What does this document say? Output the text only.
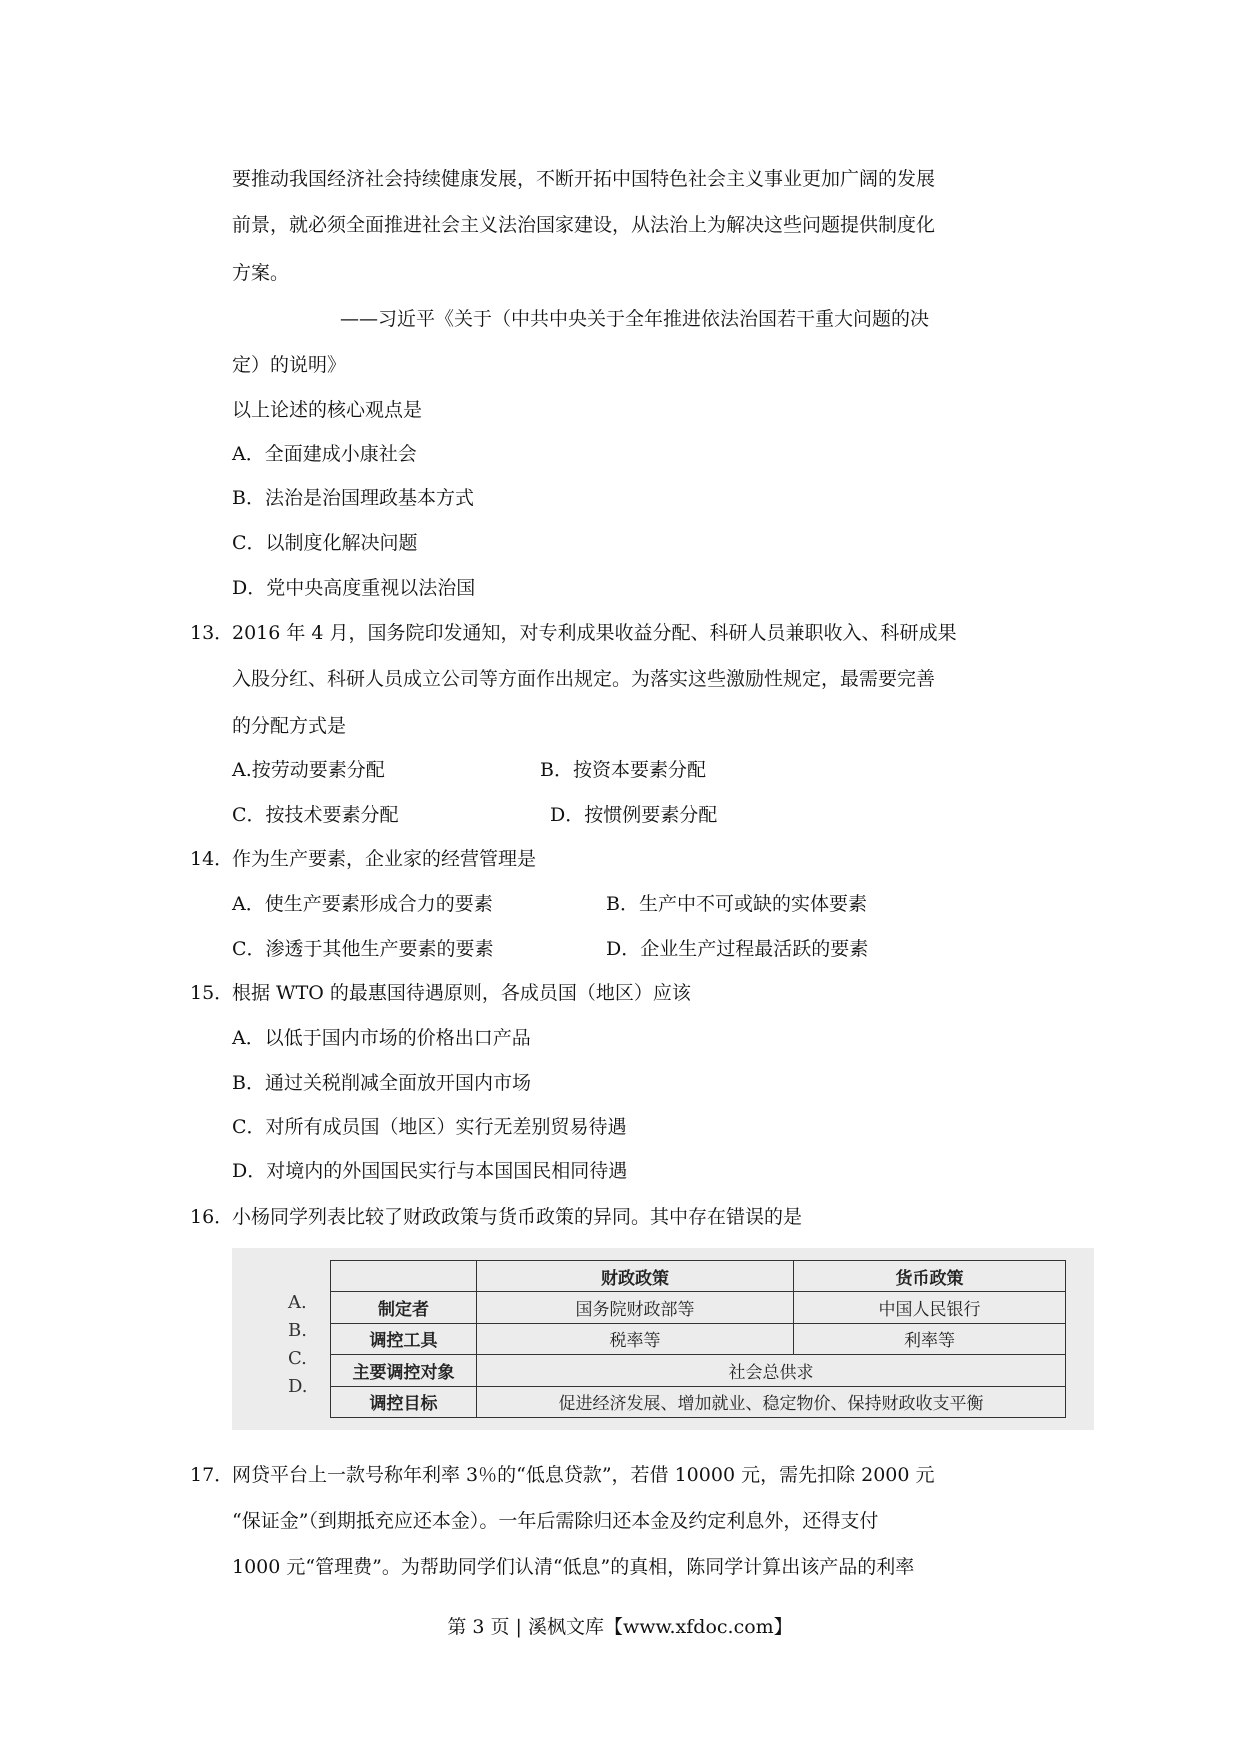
要推动我国经济社会持续健康发展，不断开拓中国特色社会主义事业更加广阔的发展
前景，就必须全面推进社会主义法治国家建设，从法治上为解决这些问题提供制度化
方案。
——习近平《关于（中共中央关于全年推进依法治国若干重大问题的决
定）的说明》
以上论述的核心观点是
A．全面建成小康社会
B．法治是治国理政基本方式
C．以制度化解决问题
D．党中央高度重视以法治国
13．
2016 年 4 月，国务院印发通知，对专利成果收益分配、科研人员兼职收入、科研成果
入股分红、科研人员成立公司等方面作出规定。为落实这些激励性规定，最需要完善
的分配方式是
A.按劳动要素分配	B．按资本要素分配
C．按技术要素分配	D．按惯例要素分配
14．
作为生产要素，企业家的经营管理是
A．使生产要素形成合力的要素	B．生产中不可或缺的实体要素
C．渗透于其他生产要素的要素	D．企业生产过程最活跃的要素
15．
根据 WTO 的最惠国待遇原则，各成员国（地区）应该
A．以低于国内市场的价格出口产品
B．通过关税削减全面放开国内市场
C．对所有成员国（地区）实行无差别贸易待遇
D．对境内的外国国民实行与本国国民相同待遇
16．
小杨同学列表比较了财政政策与货币政策的异同。其中存在错误的是
A.
B.
C.
D.
	财政政策	货币政策
制定者	国务院财政部等	中国人民银行
调控工具	税率等	利率等
主要调控对象	社会总供求	
调控目标	促进经济发展、增加就业、稳定物价、保持财政收支平衡	
17．
网贷平台上一款号称年利率 3％的“低息贷款”，若借 10000 元，需先扣除 2000 元
“保证金”（到期抵充应还本金）。一年后需除归还本金及约定利息外，还得支付
1000 元“管理费”。为帮助同学们认清“低息”的真相，陈同学计算出该产品的利率
第 3 页 | 溪枫文库【www.xfdoc.com】
